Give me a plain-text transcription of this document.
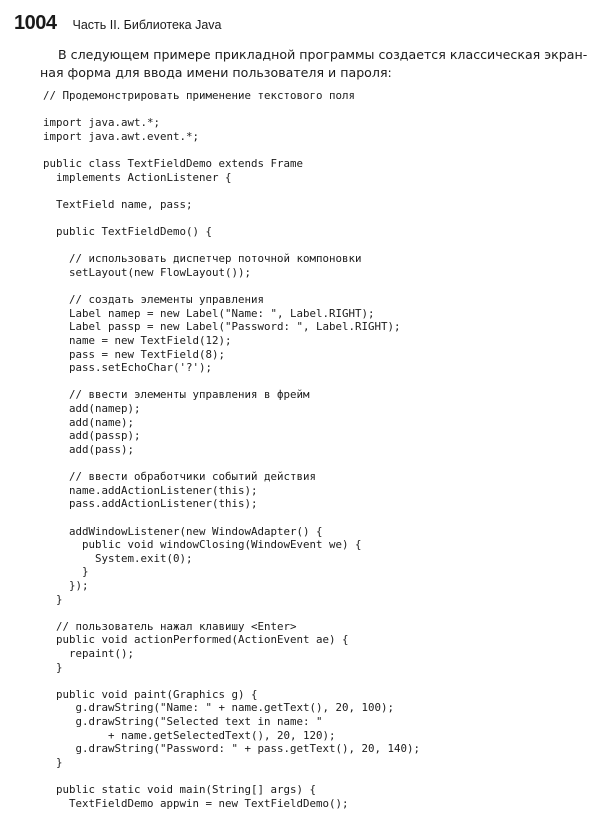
1004 Часть II. Библиотека Java

В следующем примере прикладной программы создается классическая экран-

ная форма для ввода имени пользователя и пароля:

// Продемонстрировать применение текстового поля
import java.awt.*;
import java.awt.event.*;
public class TextFieldDemo extends Frame
implements ActionListener {
TextField name, pass;
public TextFieldDemo() {
// использовать диспетчер поточной компоновки
setLayout(new FlowLayout());
// создать элементы управления
Label namep = new Label("Name: ", Label.RIGHT);
Label passp = new Label("Password: ", Label.RIGHT);
name = new TextField(12);
pass = new TextField(8);
pass.setEchoChar('?');
// ввести элементы управления в фрейм
add(namep);
add(name);
add(passp);
add(pass);
// ввести обработчики событий действия
name.addActionListener(this);
pass.addActionListener(this);
addWindowListener(new WindowAdapter() {
public void windowClosing(WindowEvent we) {
System.exit(0);
}
});
}
// пользователь нажал клавишу <Enter>
public void actionPerformed(ActionEvent ae) {
repaint();
}
public void paint(Graphics g) {
g.drawString("Name: " + name.getText(), 20, 100);
g.drawString("Selected text in name: "
+ name.getSelectedText(), 20, 120);
g.drawString("Password: " + pass.getText(), 20, 140);
}
public static void main(String[] args) {
TextFieldDemo appwin = new TextFieldDemo();
